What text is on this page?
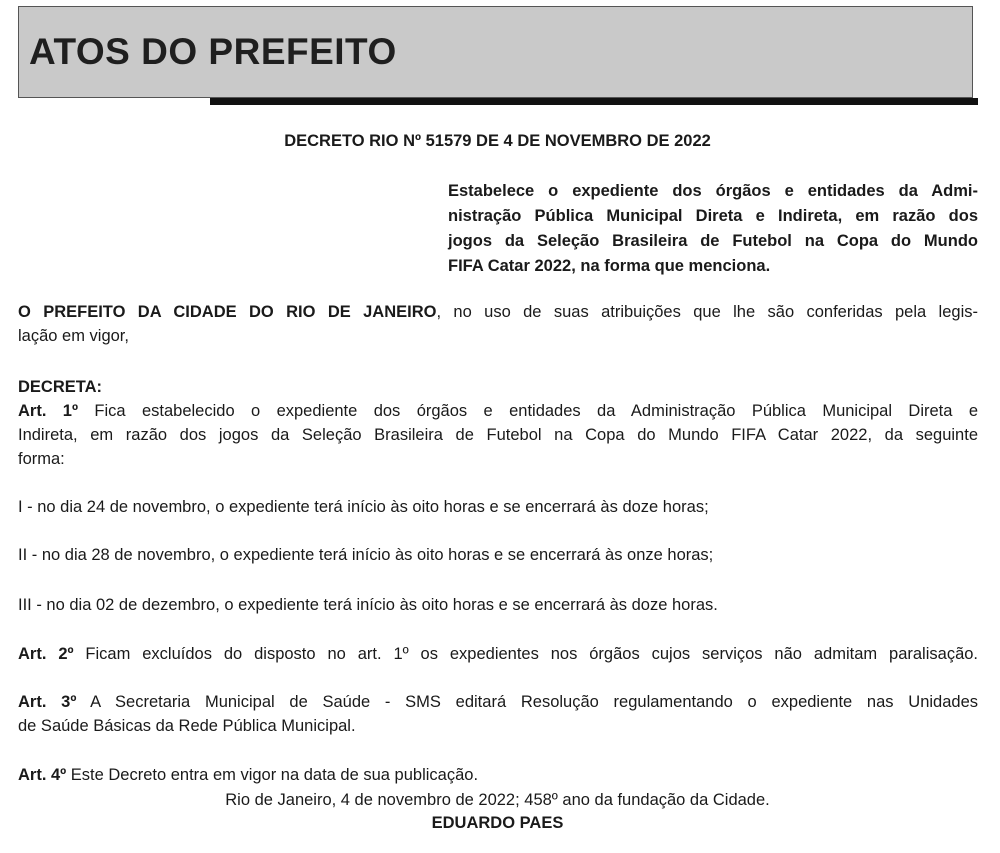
ATOS DO PREFEITO
DECRETO RIO Nº 51579 DE 4 DE NOVEMBRO DE 2022
Estabelece o expediente dos órgãos e entidades da Admi-
nistração Pública Municipal Direta e Indireta, em razão dos
jogos da Seleção Brasileira de Futebol na Copa do Mundo
FIFA Catar 2022, na forma que menciona.
O PREFEITO DA CIDADE DO RIO DE JANEIRO, no uso de suas atribuições que lhe são conferidas pela legis-
lação em vigor,
DECRETA:
Art. 1º Fica estabelecido o expediente dos órgãos e entidades da Administração Pública Municipal Direta e
Indireta, em razão dos jogos da Seleção Brasileira de Futebol na Copa do Mundo FIFA Catar 2022, da seguinte
forma:
I - no dia 24 de novembro, o expediente terá início às oito horas e se encerrará às doze horas;
II - no dia 28 de novembro, o expediente terá início às oito horas e se encerrará às onze horas;
III - no dia 02 de dezembro, o expediente terá início às oito horas e se encerrará às doze horas.
Art. 2º Ficam excluídos do disposto no art. 1º os expedientes nos órgãos cujos serviços não admitam paralisação.
Art. 3º A Secretaria Municipal de Saúde - SMS editará Resolução regulamentando o expediente nas Unidades
de Saúde Básicas da Rede Pública Municipal.
Art. 4º Este Decreto entra em vigor na data de sua publicação.
Rio de Janeiro, 4 de novembro de 2022; 458º ano da fundação da Cidade.
EDUARDO PAES
